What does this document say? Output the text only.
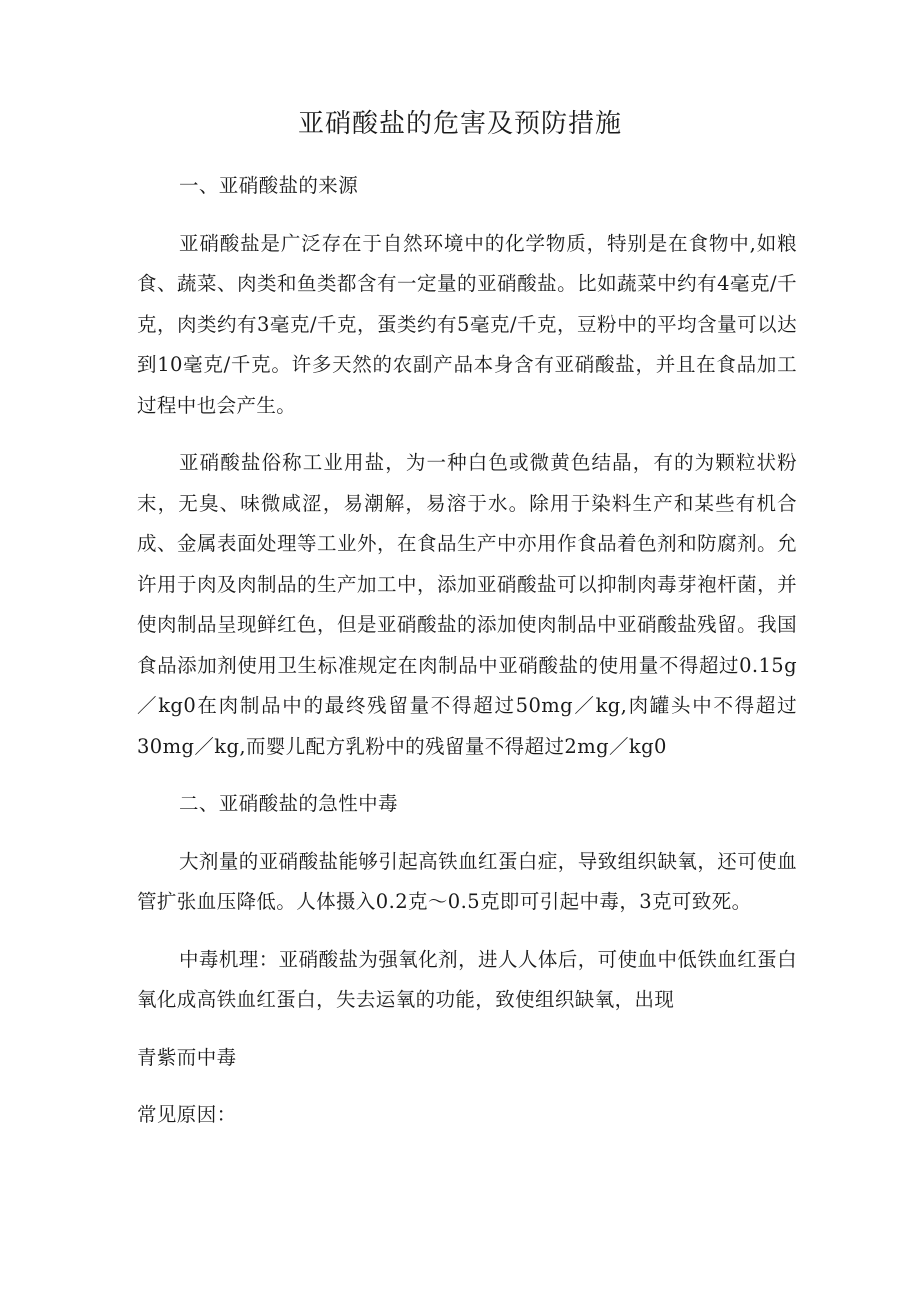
亚硝酸盐的危害及预防措施
一、亚硝酸盐的来源

亚硝酸盐是广泛存在于自然环境中的化学物质，特别是在食物中,如粮食、蔬菜、肉类和鱼类都含有一定量的亚硝酸盐。比如蔬菜中约有4毫克/千克，肉类约有3毫克/千克，蛋类约有5毫克/千克，豆粉中的平均含量可以达到10毫克/千克。许多天然的农副产品本身含有亚硝酸盐，并且在食品加工过程中也会产生。

亚硝酸盐俗称工业用盐，为一种白色或微黄色结晶，有的为颗粒状粉末，无臭、味微咸涩，易潮解，易溶于水。除用于染料生产和某些有机合成、金属表面处理等工业外，在食品生产中亦用作食品着色剂和防腐剂。允许用于肉及肉制品的生产加工中，添加亚硝酸盐可以抑制肉毒芽袍杆菌，并使肉制品呈现鲜红色，但是亚硝酸盐的添加使肉制品中亚硝酸盐残留。我国食品添加剂使用卫生标准规定在肉制品中亚硝酸盐的使用量不得超过0.15g／kg0在肉制品中的最终残留量不得超过50mg／kg,肉罐头中不得超过30mg／kg,而婴儿配方乳粉中的残留量不得超过2mg／kg0

二、亚硝酸盐的急性中毒

大剂量的亚硝酸盐能够引起高铁血红蛋白症，导致组织缺氧，还可使血管扩张血压降低。人体摄入0.2克～0.5克即可引起中毒，3克可致死。

中毒机理：亚硝酸盐为强氧化剂，进人人体后，可使血中低铁血红蛋白氧化成高铁血红蛋白，失去运氧的功能，致使组织缺氧，出现

青紫而中毒
常见原因：
